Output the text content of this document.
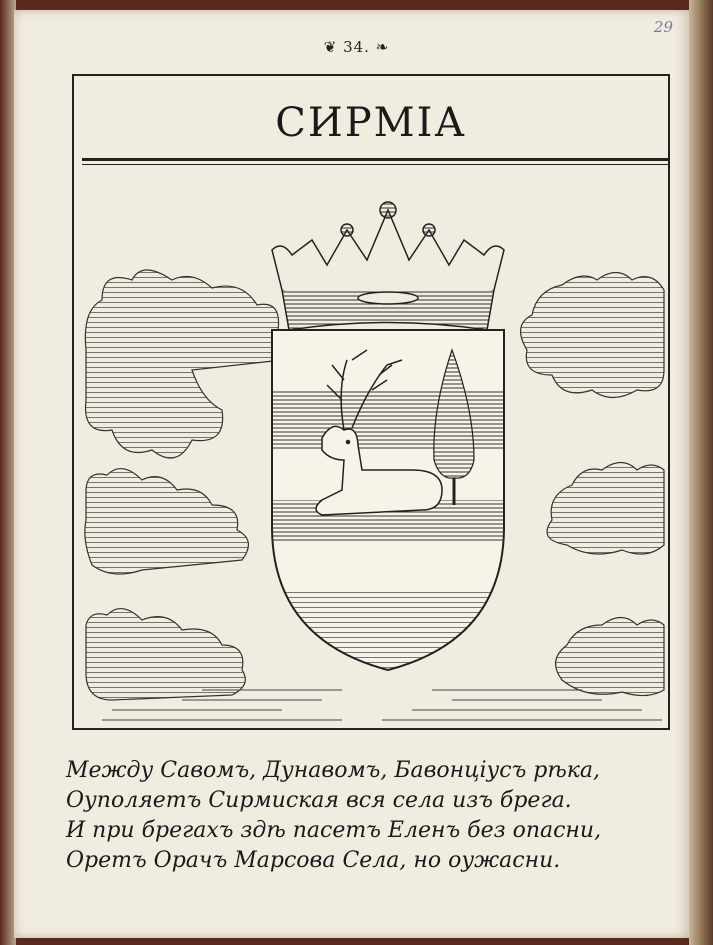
29
❦ 34. ❧
СИРМІА
Между Савомъ, Дунавомъ, Бавонціусъ рѣка,
Оуполяетъ Сирмиская вся села изъ брега.
И при брегахъ здѣ пасетъ Еленъ без опасни,
Оретъ Орачъ Марсова Села, но оужасни.
